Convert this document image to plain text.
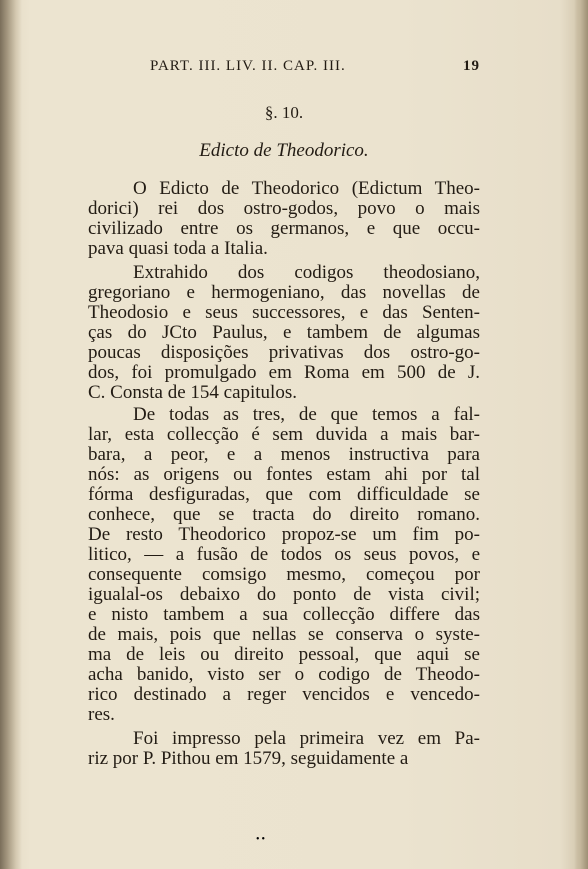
PART. III. LIV. II. CAP. III.	19
§. 10.
Edicto de Theodorico.
O Edicto de Theodorico (Edictum Theo-
dorici) rei dos ostro-godos, povo o mais
civilizado entre os germanos, e que occu-
pava quasi toda a Italia.
Extrahido dos codigos theodosiano,
gregoriano e hermogeniano, das novellas de
Theodosio e seus successores, e das Senten-
ças do JCto Paulus, e tambem de algumas
poucas disposições privativas dos ostro-go-
dos, foi promulgado em Roma em 500 de J.
C. Consta de 154 capitulos.
De todas as tres, de que temos a fal-
lar, esta collecção é sem duvida a mais bar-
bara, a peor, e a menos instructiva para
nós: as origens ou fontes estam ahi por tal
fórma desfiguradas, que com difficuldade se
conhece, que se tracta do direito romano.
De resto Theodorico propoz-se um fim po-
litico, — a fusão de todos os seus povos, e
consequente comsigo mesmo, começou por
igualal-os debaixo do ponto de vista civil;
e nisto tambem a sua collecção differe das
de mais, pois que nellas se conserva o syste-
ma de leis ou direito pessoal, que aqui se
acha banido, visto ser o codigo de Theodo-
rico destinado a reger vencidos e vencedo-
res.
Foi impresso pela primeira vez em Pa-
riz por P. Pithou em 1579, seguidamente a
••
